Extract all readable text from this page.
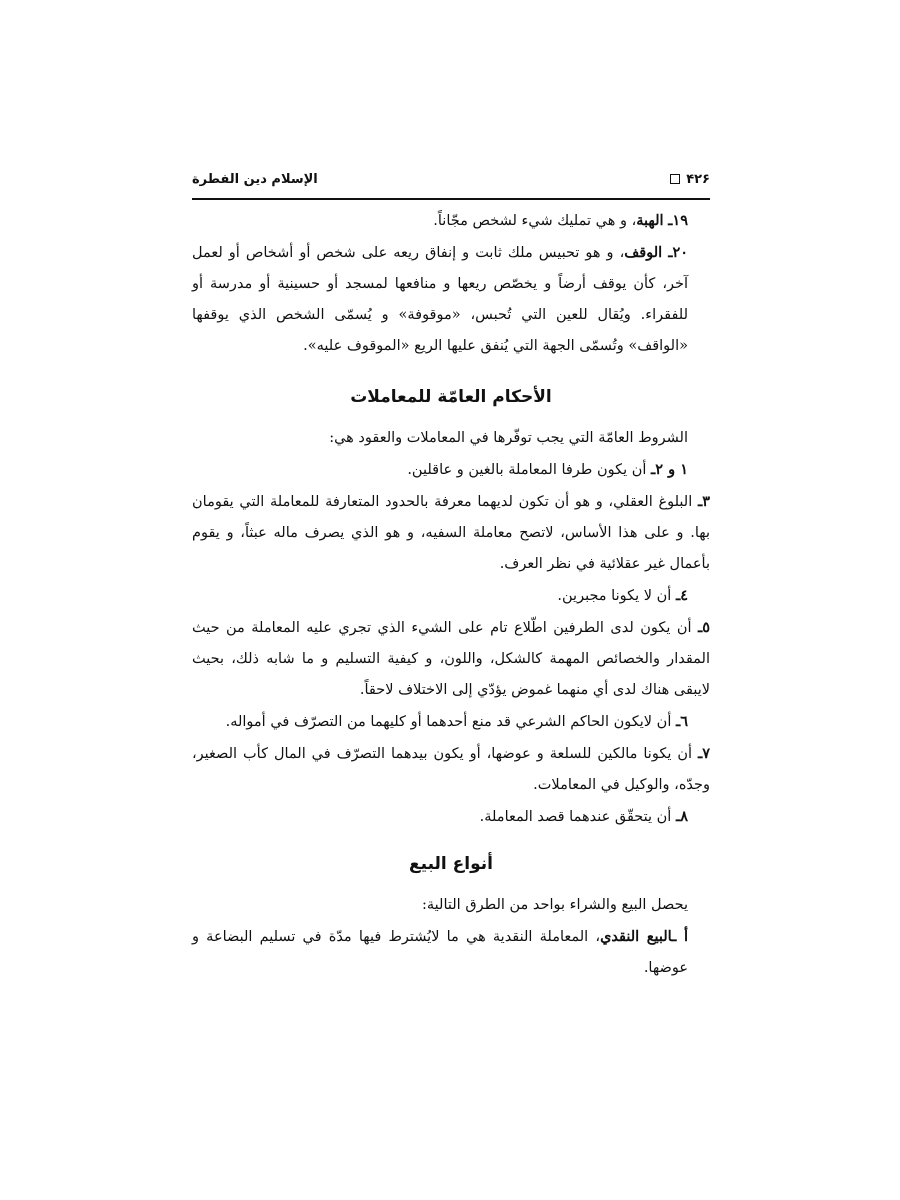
۴۲۶
الإسلام دين الفطرة

۱۹ـ الهبة، و هي تمليك شيء لشخص مجّاناً.

۲۰ـ الوقف، و هو تحبيس ملك ثابت و إنفاق ريعه على شخص أو أشخاص أو لعمل آخر، كأن يوقف أرضاً و يخصّص ريعها و منافعها لمسجد أو حسينية أو مدرسة أو للفقراء. ويُقال للعين التي تُحبس، «موقوفة» و يُسمّى الشخص الذي يوقفها «الواقف» وتُسمّى الجهة التي يُنفق عليها الريع «الموقوف عليه».

الأحكام العامّة للمعاملات

الشروط العامّة التي يجب توفّرها في المعاملات والعقود هي:

۱ و ۲ـ أن يكون طرفا المعاملة بالغين و عاقلين.

۳ـ البلوغ العقلي، و هو أن تكون لديهما معرفة بالحدود المتعارفة للمعاملة التي يقومان بها. و على هذا الأساس، لاتصح معاملة السفيه، و هو الذي يصرف ماله عبثاً، و يقوم بأعمال غير عقلائية في نظر العرف.

٤ـ أن لا يكونا مجبرين.

٥ـ أن يكون لدى الطرفين اطّلاع تام على الشيء الذي تجري عليه المعاملة من حيث المقدار والخصائص المهمة كالشكل، واللون، و كيفية التسليم و ما شابه ذلك، بحيث لايبقى هناك لدى أي منهما غموض يؤدّي إلى الاختلاف لاحقاً.

٦ـ أن لايكون الحاكم الشرعي قد منع أحدهما أو كليهما من التصرّف في أمواله.

۷ـ أن يكونا مالكين للسلعة و عوضها، أو يكون بيدهما التصرّف في المال كأب الصغير، وجدّه، والوكيل في المعاملات.

۸ـ أن يتحقّق عندهما قصد المعاملة.

أنواع البيع

يحصل البيع والشراء بواحد من الطرق التالية:

أ ـالبيع النقدي، المعاملة النقدية هي ما لايُشترط فيها مدّة في تسليم البضاعة و عوضها.
